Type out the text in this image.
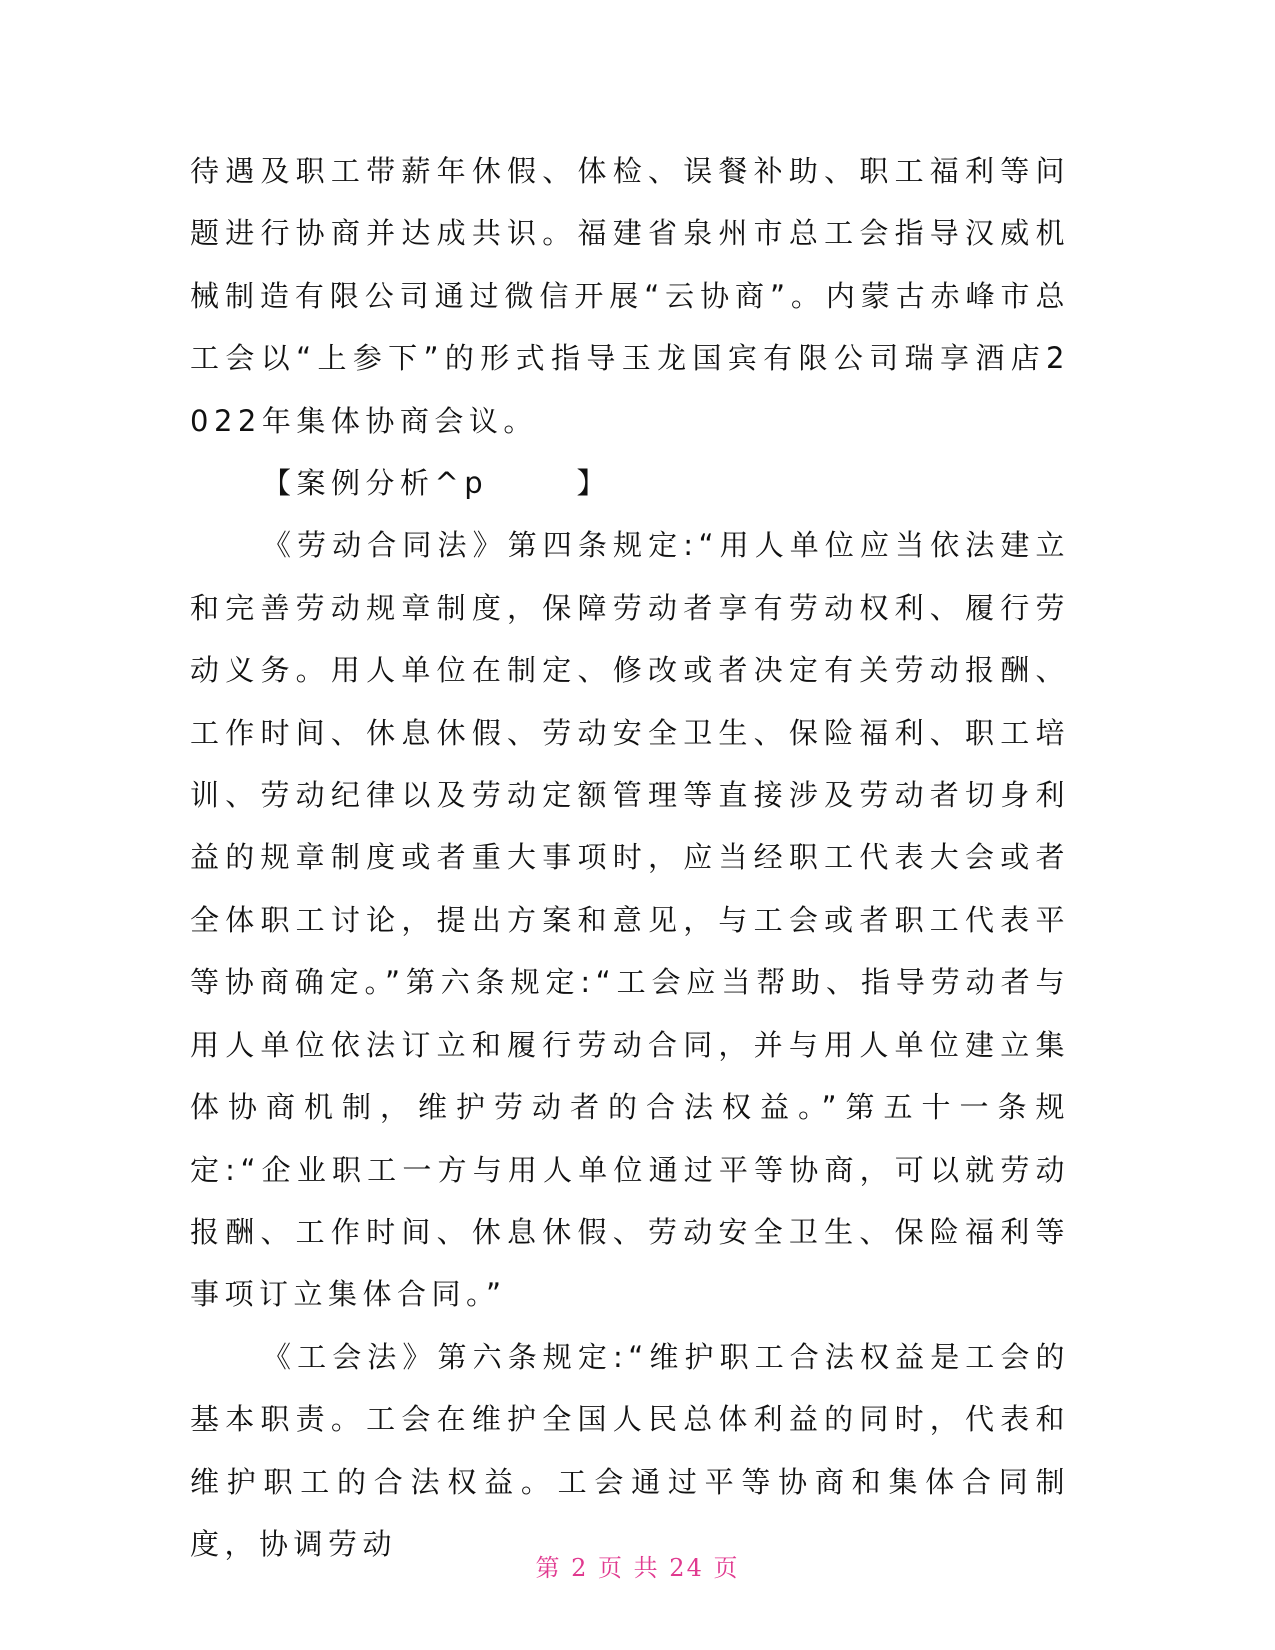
待遇及职工带薪年休假、体检、误餐补助、职工福利等问题进行协商并达成共识。福建省泉州市总工会指导汉威机械制造有限公司通过微信开展“云协商”。内蒙古赤峰市总工会以“上参下”的形式指导玉龙国宾有限公司瑞享酒店2022年集体协商会议。

【案例分析^p      】

《劳动合同法》第四条规定:“用人单位应当依法建立和完善劳动规章制度，保障劳动者享有劳动权利、履行劳动义务。用人单位在制定、修改或者决定有关劳动报酬、工作时间、休息休假、劳动安全卫生、保险福利、职工培训、劳动纪律以及劳动定额管理等直接涉及劳动者切身利益的规章制度或者重大事项时，应当经职工代表大会或者全体职工讨论，提出方案和意见，与工会或者职工代表平等协商确定。”第六条规定:“工会应当帮助、指导劳动者与用人单位依法订立和履行劳动合同，并与用人单位建立集体协商机制，维护劳动者的合法权益。”第五十一条规定:“企业职工一方与用人单位通过平等协商，可以就劳动报酬、工作时间、休息休假、劳动安全卫生、保险福利等事项订立集体合同。”

《工会法》第六条规定:“维护职工合法权益是工会的基本职责。工会在维护全国人民总体利益的同时，代表和维护职工的合法权益。工会通过平等协商和集体合同制度，协调劳动

第 2 页 共 24 页
